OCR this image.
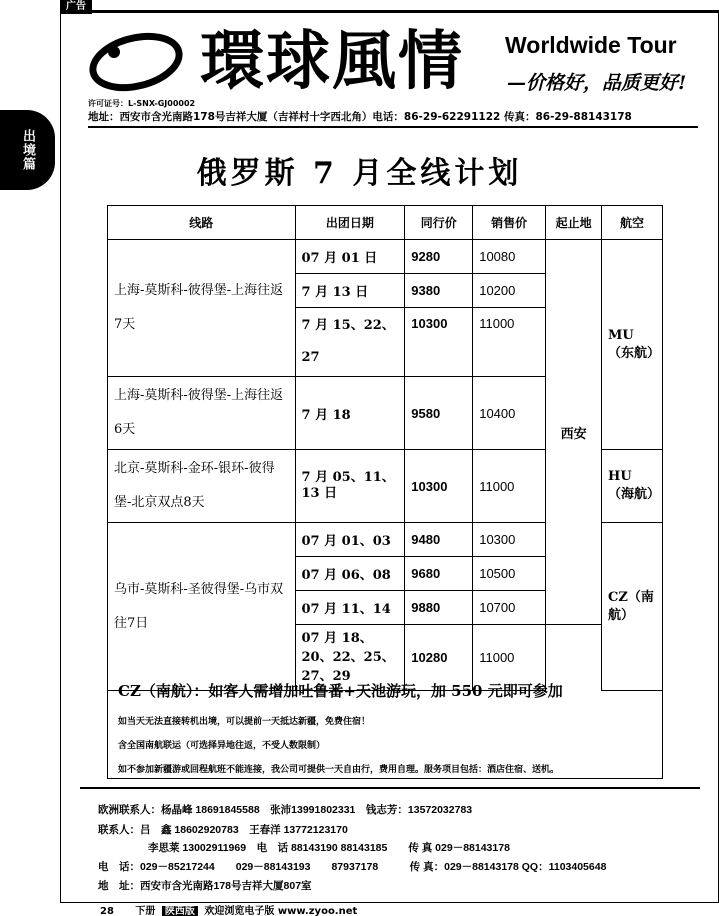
广告
出境篇
環球風情 Worldwide Tour
—价格好，品质更好!
许可证号：L-SNX-GJ00002
地址：西安市含光南路178号吉祥大厦（吉祥村十字西北角）电话：86-29-62291122 传真：86-29-88143178
俄罗斯 7 月全线计划
线路	出团日期	同行价	销售价	起止地	航空
上海-莫斯科-彼得堡-上海往返7天	07 月 01 日	9280	10080	西安	MU（东航）
	7 月 13 日	9380	10200		
	7 月 15、22、27	10300	11000		
上海-莫斯科-彼得堡-上海往返6天	7 月 18	9580	10400		
北京-莫斯科-金环-银环-彼得堡-北京双点8天	7 月 05、11、13 日	10300	11000		HU（海航）
乌市-莫斯科-圣彼得堡-乌市双往7日	07 月 01、03	9480	10300		CZ（南航）
	07 月 06、08	9680	10500		
	07 月 11、14	9880	10700		
	07 月 18、20、22、25、27、29	10280	11000		
CZ（南航）：如客人需增加吐鲁番+天池游玩，加 550 元即可参加
如当天无法直接转机出境，可以提前一天抵达新疆，免费住宿！
含全国南航联运（可选择异地往返，不受人数限制）
如不参加新疆游或回程航班不能连接，我公司可提供一天自由行，费用自理。服务项目包括：酒店住宿、送机。
欧洲联系人：杨晶峰 18691845588　张沛13991802331　钱志芳：13572032783
联系人：吕　鑫 18602920783　王春洋 13772123170
李思莱 13002911969　电　话 88143190 88143185　　传 真 029－88143178
电　话：029－85217244　　029－88143193　　87937178　　　传 真：029－88143178 QQ：1103405648
地　址：西安市含光南路178号吉祥大厦807室
28 下册 陕西版 欢迎浏览电子版 www.zyoo.net
